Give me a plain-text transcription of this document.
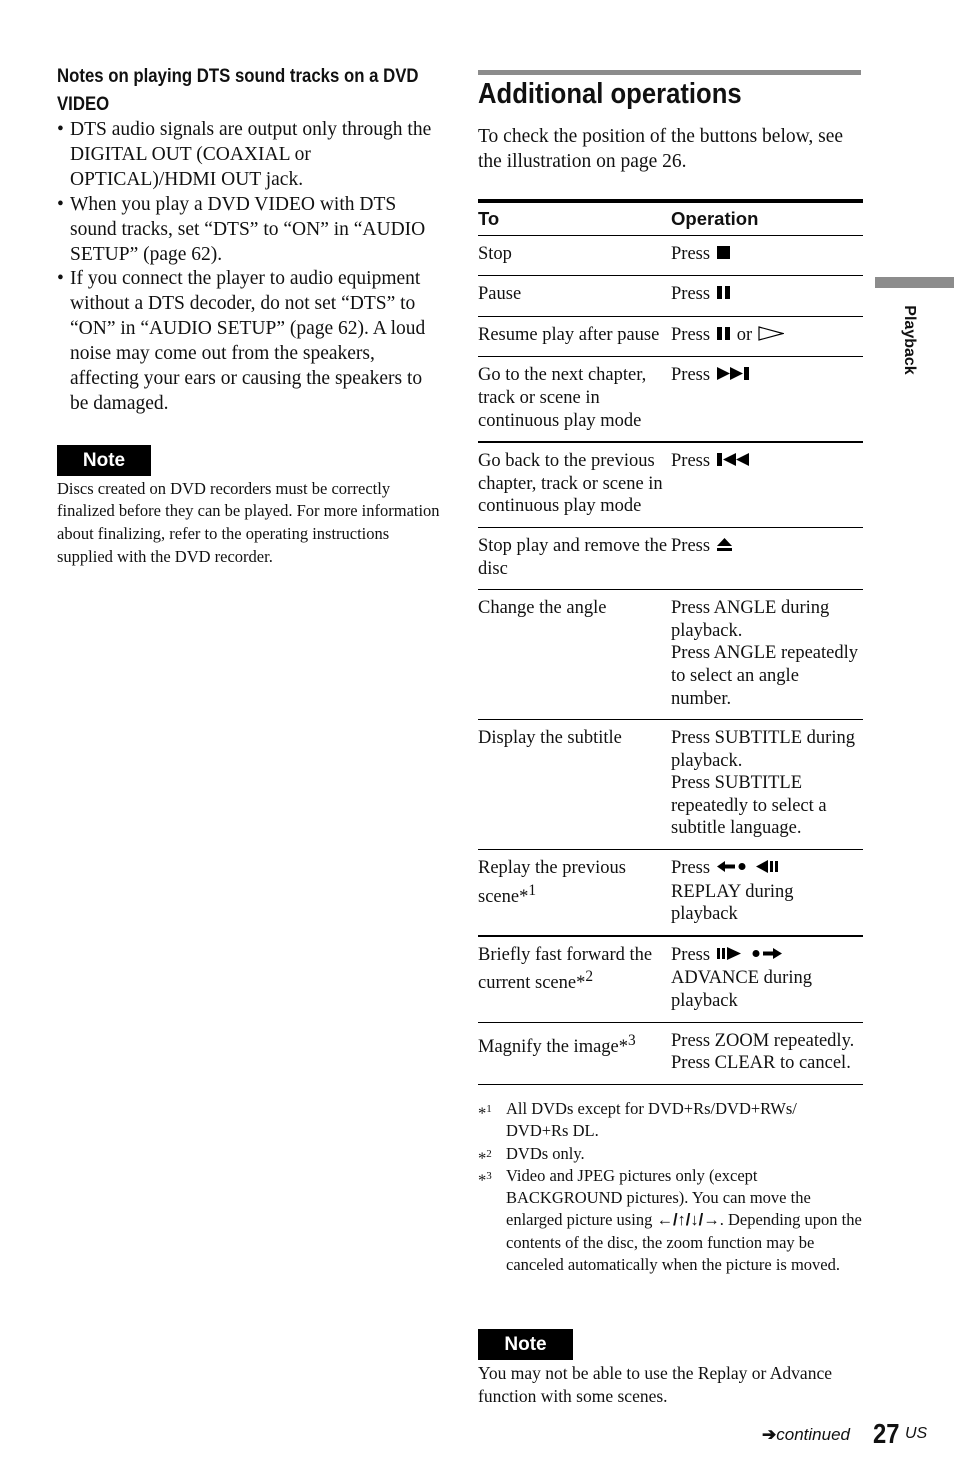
Notes on playing DTS sound tracks on a DVD VIDEO
• DTS audio signals are output only through the DIGITAL OUT (COAXIAL or OPTICAL)/HDMI OUT jack.
• When you play a DVD VIDEO with DTS sound tracks, set “DTS” to “ON” in “AUDIO SETUP” (page 62).
• If you connect the player to audio equipment without a DTS decoder, do not set “DTS” to “ON” in “AUDIO SETUP” (page 62). A loud noise may come out from the speakers, affecting your ears or causing the speakers to be damaged.
Note
Discs created on DVD recorders must be correctly finalized before they can be played. For more information about finalizing, refer to the operating instructions supplied with the DVD recorder.
Additional operations
To check the position of the buttons below, see the illustration on page 26.
To	Operation
Stop	Press
Pause	Press
Resume play after pause	Press or
Go to the next chapter, track or scene in continuous play mode	Press
Go back to the previous chapter, track or scene in continuous play mode	Press
Stop play and remove the disc	Press
Change the angle	Press ANGLE during playback.
Press ANGLE repeatedly to select an angle number.
Display the subtitle	Press SUBTITLE during playback.
Press SUBTITLE repeatedly to select a subtitle language.
Replay the previous scene*$^1$	Press
REPLAY during playback
Briefly fast forward the current scene*$^2$	Press
ADVANCE during playback
Magnify the image*$^3$	Press ZOOM repeatedly. Press CLEAR to cancel.
*$^1$ All DVDs except for DVD+Rs/DVD+RWs/ DVD+Rs DL.
*$^2$ DVDs only.
*$^3$ Video and JPEG pictures only (except BACKGROUND pictures). You can move the enlarged picture using ←/↑/↓/→. Depending upon the contents of the disc, the zoom function may be canceled automatically when the picture is moved.
Note
You may not be able to use the Replay or Advance function with some scenes.
Playback
➔continued 27 US
